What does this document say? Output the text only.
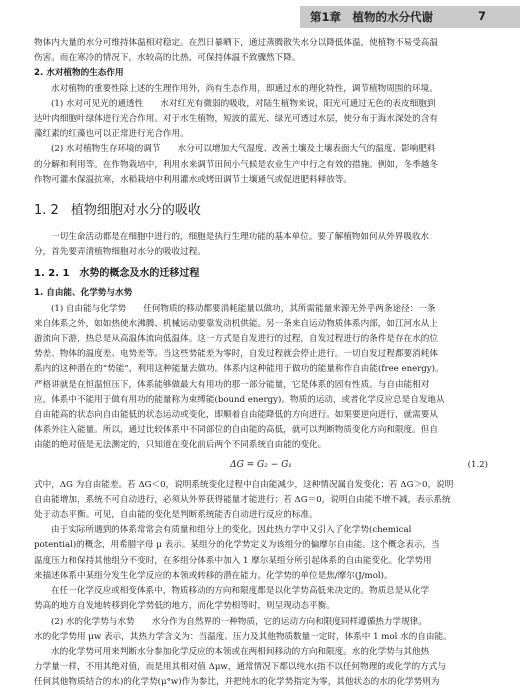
第1章　植物的水分代谢	7

物体内大量的水分可维持体温相对稳定。在烈日暴晒下，通过蒸腾散失水分以降低体温，使植物不易受高温

伤害。而在寒冷的情况下，水较高的比热，可保持体温不致骤然下降。

2. 水对植物的生态作用

水对植物的重要性除上述的生理作用外，尚有生态作用，即通过水的理化特性，调节植物周围的环境。

(1) 水对可见光的通透性　　水对红光有微弱的吸收，对陆生植物来说，阳光可通过无色的表皮细胞到

达叶肉细胞叶绿体进行光合作用。对于水生植物，短波的蓝光、绿光可透过水层，使分布于海水深处的含有

藻红素的红藻也可以正常进行光合作用。

(2) 水对植物生存环境的调节　　水分可以增加大气湿度、改善土壤及土壤表面大气的温度、影响肥料

的分解和利用等。在作物栽培中，利用水来调节田间小气候是农业生产中行之有效的措施。例如，冬季越冬

作物可灌水保温抗寒，水稻栽培中利用灌水或烤田调节土壤通气或促进肥料释放等。

1. 2 植物细胞对水分的吸收

一切生命活动都是在细胞中进行的，细胞是执行生理功能的基本单位。要了解植物如何从外界吸收水

分，首先要弄清植物细胞对水分的吸收过程。

1. 2. 1　水势的概念及水的迁移过程

1. 自由能、化学势与水势

(1) 自由能与化学势　　任何物质的移动都要消耗能量以做功，其所需能量来源无外乎两条途径：一条

来自体系之外，如如热使水沸腾、机械运动要靠发动机供能。另一条来自运动物质体系内部，如江河水从上

游流向下游，热总是从高温体流向低温体。这一方式是自发进行的过程，自发过程进行的条件是存在水的位

势差、物体的温度差、电势差等。当这些势能差为零时，自发过程就会停止进行。一切自发过程都要消耗体

系内的这种潜在的“势能”，利用这种能量去做功。体系内这种能用于做功的能量称作自由能(free energy)。

严格讲就是在恒温恒压下，体系能够做最大有用功的那一部分能量，它是体系的固有性质。与自由能相对

应，体系中不能用于做有用功的能量称为束缚能(bound energy)。物质的运动，或者化学反应总是自发地从

自由能高的状态向自由能低的状态运动或变化，即顺着自由能降低的方向进行。如果要逆向进行，就需要从

体系外注入能量。所以，通过比较体系中不同部位的自由能的高低，就可以判断物质变化方向和限度。但自

由能的绝对值是无法测定的，只知道在变化前后两个不同系统自由能的变化。

ΔG = G₂ − G₁	(1.2)

式中，ΔG 为自由能差。若 ΔG＜0，说明系统变化过程中自由能减少，这种情况属自发变化；若 ΔG＞0，说明

自由能增加，系统不可自动进行，必须从外界获得能量才能进行；若 ΔG＝0，说明自由能不增不减，表示系统

处于动态平衡。可见，自由能的变化是判断系统能否自动进行反应的标准。

由于实际所遇到的体系常常会有质量和组分上的变化，因此热力学中又引入了化学势(chemical

potential)的概念，用希腊字母 μ 表示。某组分的化学势定义为该组分的偏摩尔自由能。这个概念表示，当

温度压力和保持其他组分不变时，在多组分体系中加入 1 摩尔某组分所引起体系的自由能变化。化学势用

来描述体系中某组分发生化学反应的本领或转移的潜在能力。化学势的单位是焦/摩尔(J/mol)。

在任一化学反应或相变体系中，物质移动的方向和限度都是以化学势高低来决定的。物质总是从化学

势高的地方自发地转移到化学势低的地方，而化学势相等时，则呈现动态平衡。

(2) 水的化学势与水势　　水分作为自然界的一种物质，它的运动方向和限度同样遵循热力学规律。

水的化学势用 μw 表示，其热力学含义为：当温度、压力及其他物质数量一定时，体系中 1 mol 水的自由能。

水的化学势可用来判断水分参加化学反应的本领或在两相间移动的方向和限度。水的化学势与其他热

力学量一样，不用其绝对值，而是用其相对值 Δμw，通常情况下都以纯水(指不以任何物理的或化学的方式与

任何其他物质结合的水)的化学势(μ°w)作为参比，并把纯水的化学势指定为零，其他状态的水的化学势则为
